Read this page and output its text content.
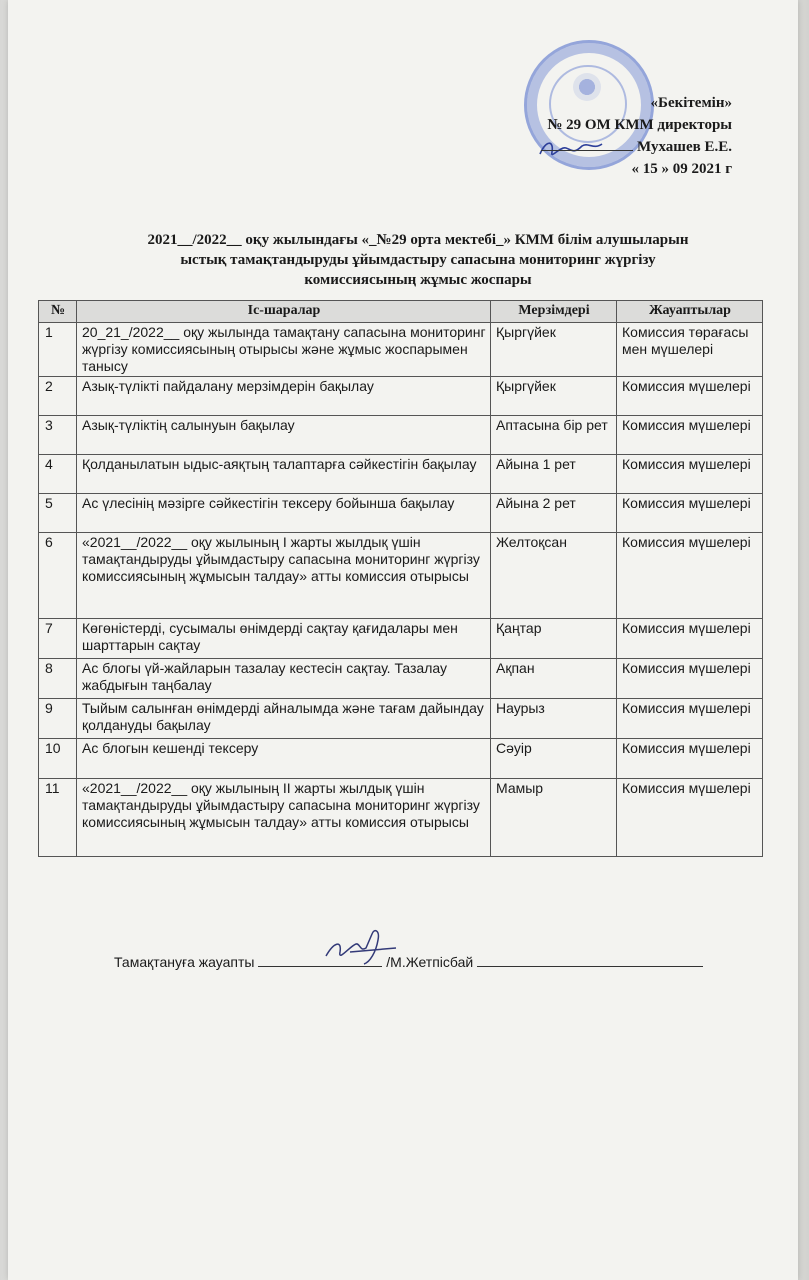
«Бекітемін»
№ 29 ОМ КММ директоры
Мухашев Е.Е.
« 15 » 09 2021 г
2021__/2022__ оқу жылындағы «_№29 орта мектебі_» КММ білім алушыларын
ыстық тамақтандыруды ұйымдастыру сапасына мониторинг жүргізу
комиссиясының жұмыс жоспары
№	Іс-шаралар	Мерзімдері	Жауаптылар
1	20_21_/2022__ оқу жылында тамақтану сапасына мониторинг жүргізу комиссиясының отырысы және жұмыс жоспарымен танысу	Қыргүйек	Комиссия төрағасы мен мүшелері
2	Азық-түлікті пайдалану мерзімдерін бақылау	Қыргүйек	Комиссия мүшелері
3	Азық-түліктің салынуын бақылау	Аптасына бір рет	Комиссия мүшелері
4	Қолданылатын ыдыс-аяқтың талаптарға сәйкестігін бақылау	Айына 1 рет	Комиссия мүшелері
5	Ас үлесінің мәзірге сәйкестігін тексеру бойынша бақылау	Айына 2 рет	Комиссия мүшелері
6	«2021__/2022__ оқу жылының І жарты жылдық үшін тамақтандыруды ұйымдастыру сапасына мониторинг жүргізу комиссиясының жұмысын талдау» атты комиссия отырысы	Желтоқсан	Комиссия мүшелері
7	Көгөністерді, сусымалы өнімдерді сақтау қағидалары мен шарттарын сақтау	Қаңтар	Комиссия мүшелері
8	Ас блогы үй-жайларын тазалау кестесін сақтау. Тазалау жабдығын таңбалау	Ақпан	Комиссия мүшелері
9	Тыйым салынған өнімдерді айналымда және тағам дайындау қолдануды бақылау	Наурыз	Комиссия мүшелері
10	Ас блогын кешенді тексеру	Сәуір	Комиссия мүшелері
11	«2021__/2022__ оқу жылының ІІ жарты жылдық үшін тамақтандыруды ұйымдастыру сапасына мониторинг жүргізу комиссиясының жұмысын талдау» атты комиссия отырысы	Мамыр	Комиссия мүшелері
Тамақтануға жауапты	/М.Жетпісбай
